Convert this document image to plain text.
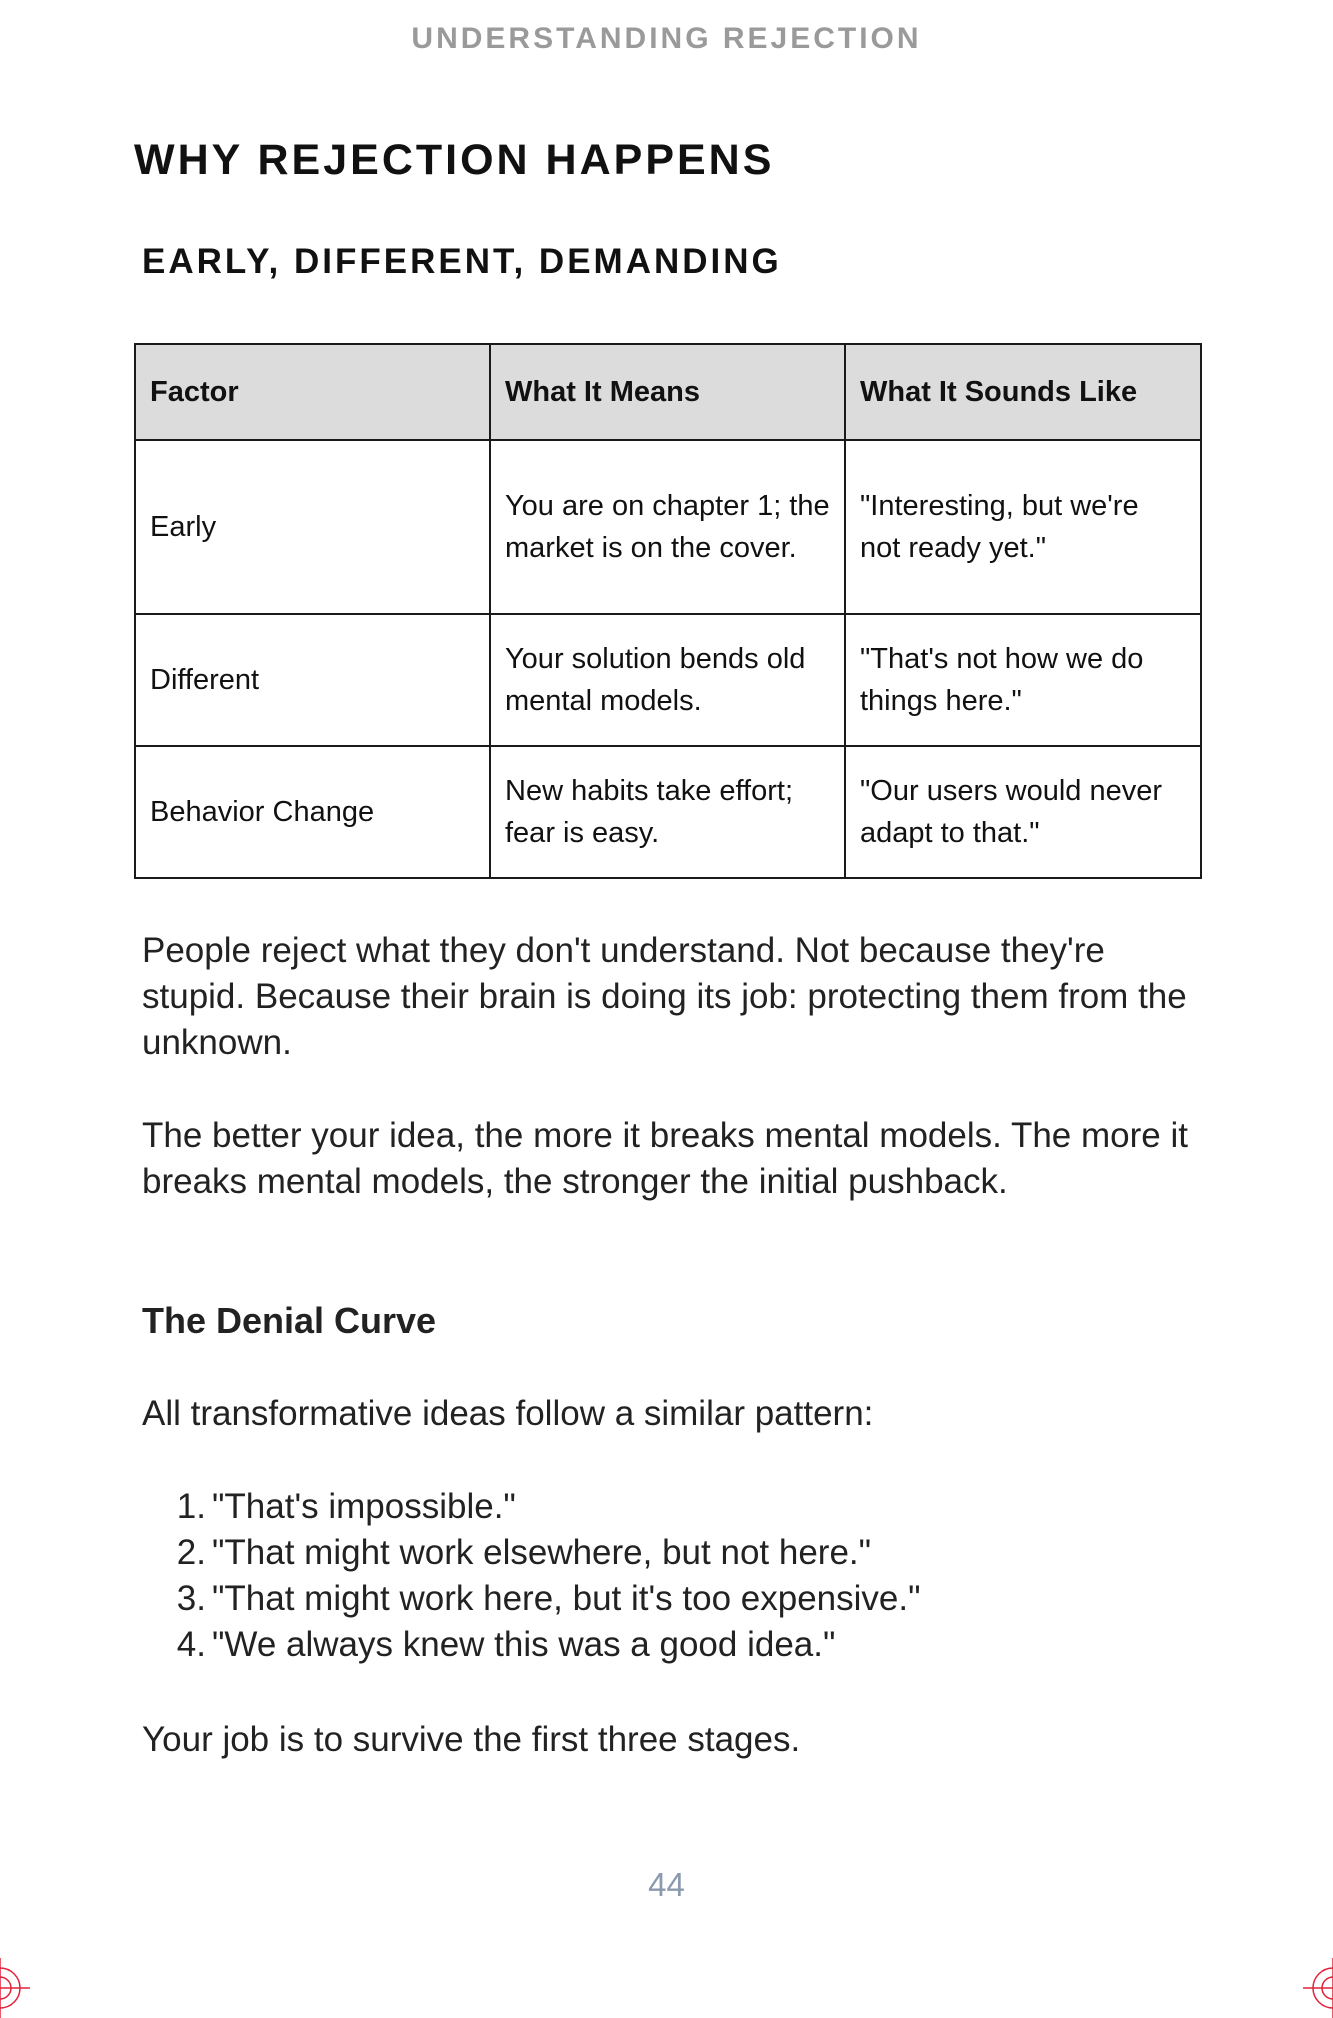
UNDERSTANDING REJECTION
WHY REJECTION HAPPENS
EARLY, DIFFERENT, DEMANDING
Factor	What It Means	What It Sounds Like
Early	You are on chapter 1; the market is on the cover.	"Interesting, but we're not ready yet."
Different	Your solution bends old mental models.	"That's not how we do things here."
Behavior Change	New habits take effort; fear is easy.	"Our users would never adapt to that."

People reject what they don't understand. Not because they're stupid. Because their brain is doing its job: protecting them from the unknown.

The better your idea, the more it breaks mental models. The more it breaks mental models, the stronger the initial pushback.

The Denial Curve

All transformative ideas follow a similar pattern:

1. "That's impossible."
2. "That might work elsewhere, but not here."
3. "That might work here, but it's too expensive."
4. "We always knew this was a good idea."

Your job is to survive the first three stages.

44
